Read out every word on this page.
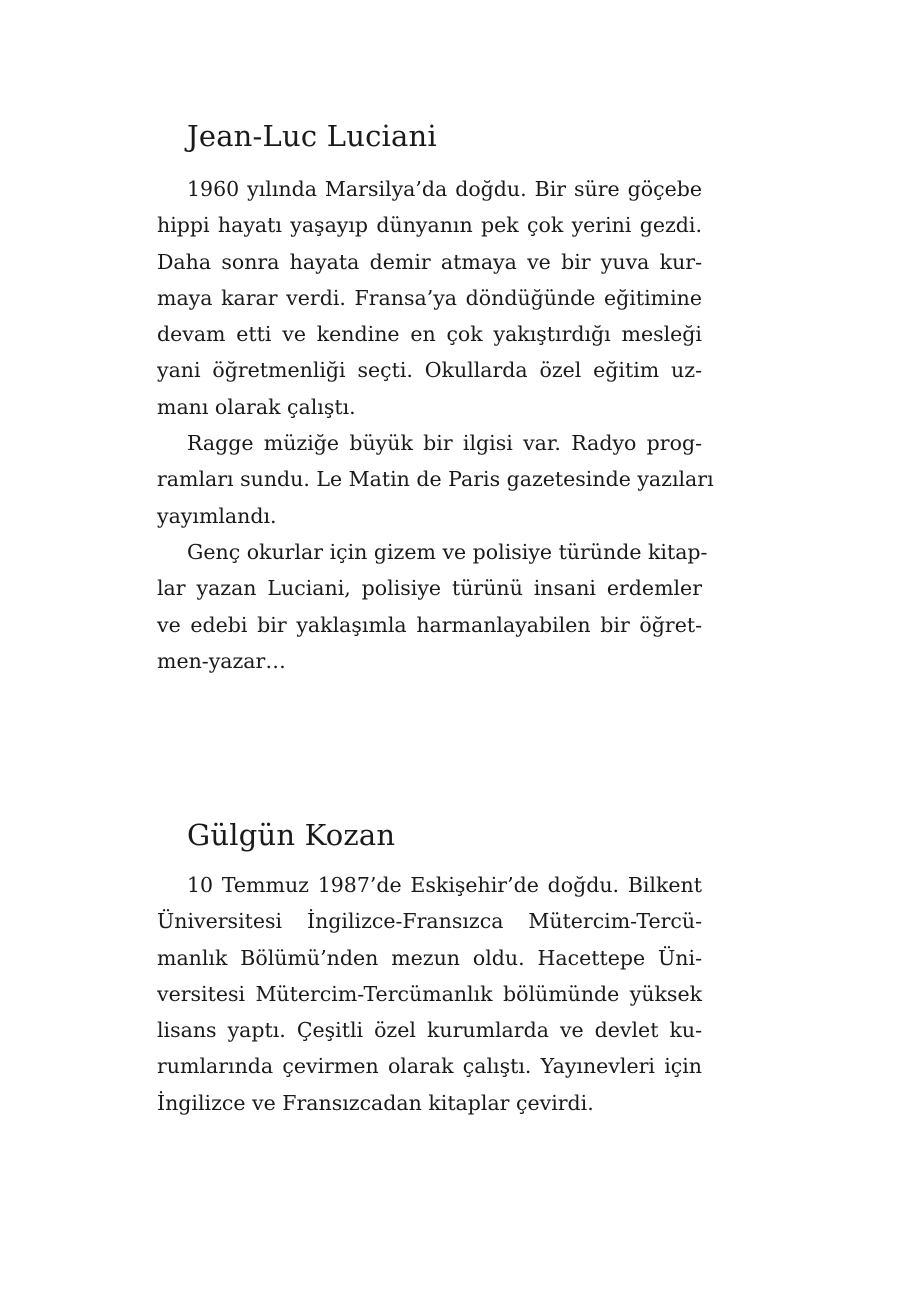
Jean-Luc Luciani
1960 yılında Marsilya’da doğdu. Bir süre göçebe
hippi hayatı yaşayıp dünyanın pek çok yerini gezdi.
Daha sonra hayata demir atmaya ve bir yuva kur-
maya karar verdi. Fransa’ya döndüğünde eğitimine
devam etti ve kendine en çok yakıştırdığı mesleği
yani öğretmenliği seçti. Okullarda özel eğitim uz-
manı olarak çalıştı.
Ragge müziğe büyük bir ilgisi var. Radyo prog-
ramları sundu. Le Matin de Paris gazetesinde yazıları
yayımlandı.
Genç okurlar için gizem ve polisiye türünde kitap-
lar yazan Luciani, polisiye türünü insani erdemler
ve edebi bir yaklaşımla harmanlayabilen bir öğret-
men-yazar…
Gülgün Kozan
10 Temmuz 1987’de Eskişehir’de doğdu. Bilkent
Üniversitesi İngilizce-Fransızca Mütercim-Tercü-
manlık Bölümü’nden mezun oldu. Hacettepe Üni-
versitesi Mütercim-Tercümanlık bölümünde yüksek
lisans yaptı. Çeşitli özel kurumlarda ve devlet ku-
rumlarında çevirmen olarak çalıştı. Yayınevleri için
İngilizce ve Fransızcadan kitaplar çevirdi.
